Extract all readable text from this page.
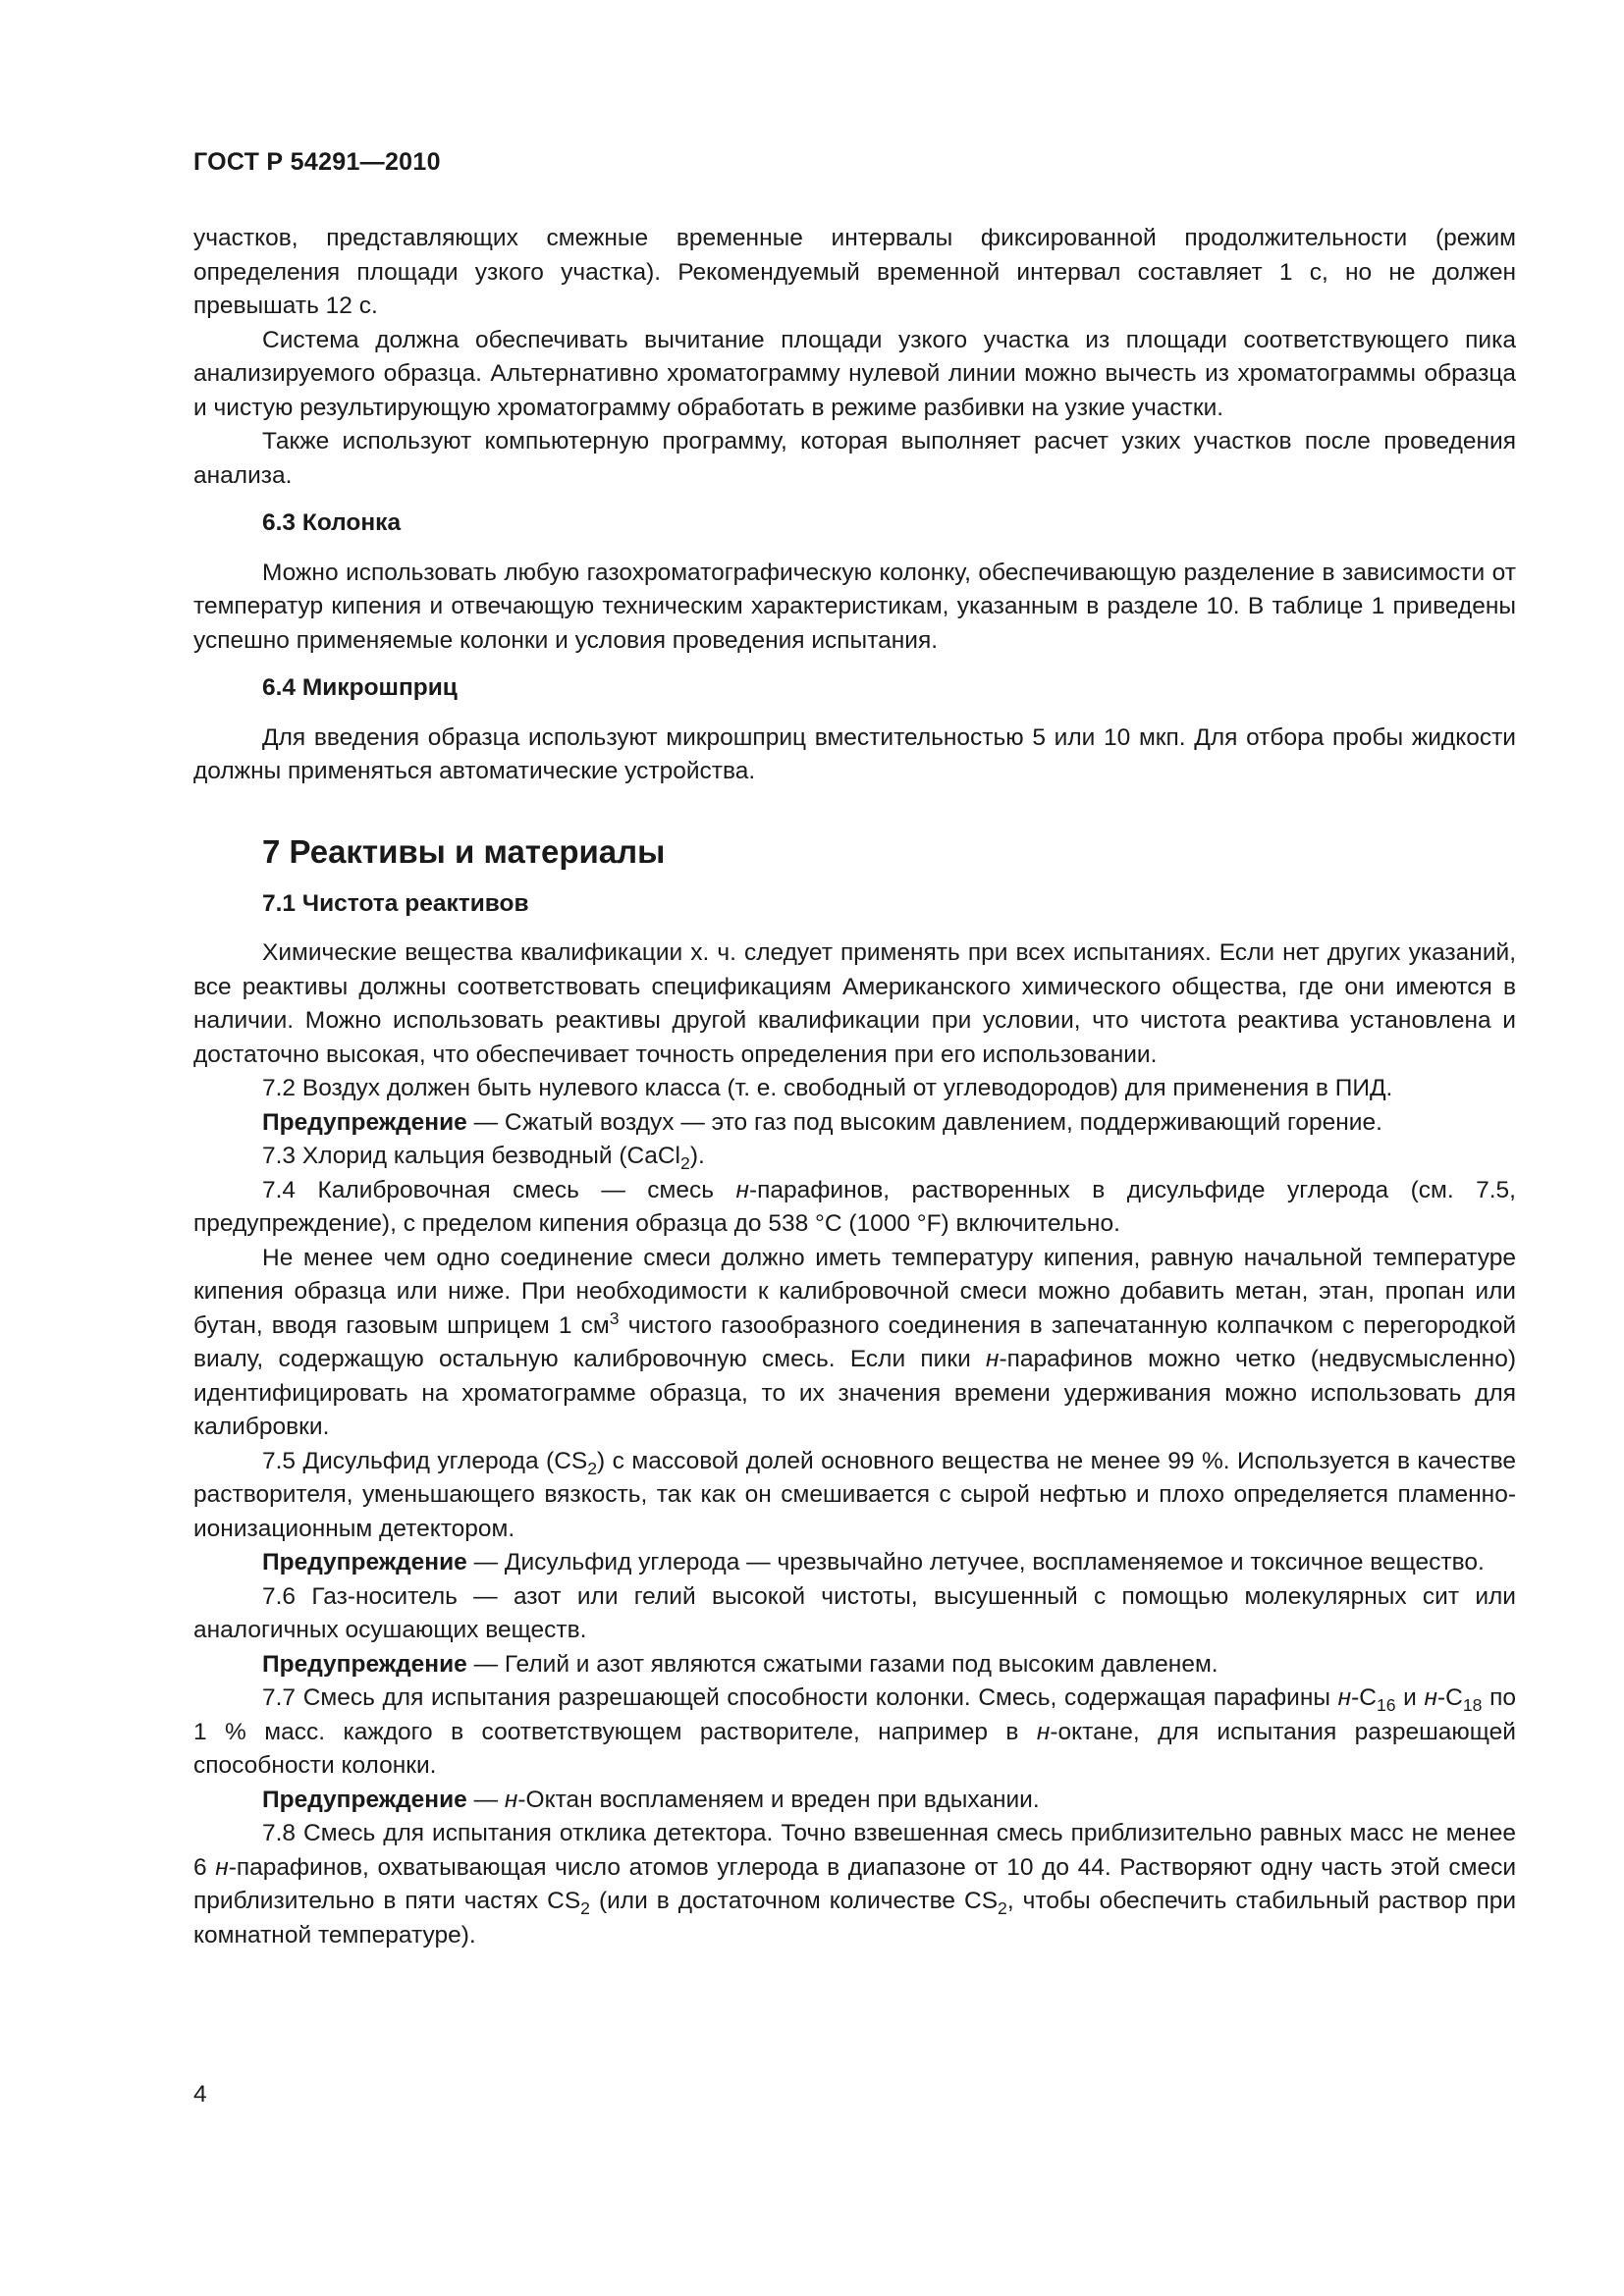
ГОСТ Р 54291—2010

участков, представляющих смежные временные интервалы фиксированной продолжительности (режим определения площади узкого участка). Рекомендуемый временной интервал составляет 1 с, но не должен превышать 12 с.

Система должна обеспечивать вычитание площади узкого участка из площади соответствующего пика анализируемого образца. Альтернативно хроматограмму нулевой линии можно вычесть из хроматограммы образца и чистую результирующую хроматограмму обработать в режиме разбивки на узкие участки.

Также используют компьютерную программу, которая выполняет расчет узких участков после проведения анализа.

6.3 Колонка

Можно использовать любую газохроматографическую колонку, обеспечивающую разделение в зависимости от температур кипения и отвечающую техническим характеристикам, указанным в разделе 10. В таблице 1 приведены успешно применяемые колонки и условия проведения испытания.

6.4 Микрошприц

Для введения образца используют микрошприц вместительностью 5 или 10 мкп. Для отбора пробы жидкости должны применяться автоматические устройства.

7 Реактивы и материалы

7.1 Чистота реактивов

Химические вещества квалификации х. ч. следует применять при всех испытаниях. Если нет других указаний, все реактивы должны соответствовать спецификациям Американского химического общества, где они имеются в наличии. Можно использовать реактивы другой квалификации при условии, что чистота реактива установлена и достаточно высокая, что обеспечивает точность определения при его использовании.

7.2 Воздух должен быть нулевого класса (т. е. свободный от углеводородов) для применения в ПИД.

Предупреждение — Сжатый воздух — это газ под высоким давлением, поддерживающий горение.

7.3 Хлорид кальция безводный (CaCl$_2$).

7.4 Калибровочная смесь — смесь н-парафинов, растворенных в дисульфиде углерода (см. 7.5, предупреждение), с пределом кипения образца до 538 °С (1000 °F) включительно.

Не менее чем одно соединение смеси должно иметь температуру кипения, равную начальной температуре кипения образца или ниже. При необходимости к калибровочной смеси можно добавить метан, этан, пропан или бутан, вводя газовым шприцем 1 $см^3$ чистого газообразного соединения в запечатанную колпачком с перегородкой виалу, содержащую остальную калибровочную смесь. Если пики н-парафинов можно четко (недвусмысленно) идентифицировать на хроматограмме образца, то их значения времени удерживания можно использовать для калибровки.

7.5 Дисульфид углерода $(CS_2)$ с массовой долей основного вещества не менее 99 %. Используется в качестве растворителя, уменьшающего вязкость, так как он смешивается с сырой нефтью и плохо определяется пламенно-ионизационным детектором.

Предупреждение — Дисульфид углерода — чрезвычайно летучее, воспламеняемое и токсичное вещество.

7.6 Газ-носитель — азот или гелий высокой чистоты, высушенный с помощью молекулярных сит или аналогичных осушающих веществ.

Предупреждение — Гелий и азот являются сжатыми газами под высоким давленем.

7.7 Смесь для испытания разрешающей способности колонки. Смесь, содержащая парафины $н-С_{16}$ и $н-С_{18}$ по 1 % масс. каждого в соответствующем растворителе, например в н-октане, для испытания разрешающей способности колонки.

Предупреждение — н-Октан воспламеняем и вреден при вдыхании.

7.8 Смесь для испытания отклика детектора. Точно взвешенная смесь приблизительно равных масс не менее 6 н-парафинов, охватывающая число атомов углерода в диапазоне от 10 до 44. Растворяют одну часть этой смеси приблизительно в пяти частях $CS_2$ (или в достаточном количестве $CS_2$, чтобы обеспечить стабильный раствор при комнатной температуре).

4
